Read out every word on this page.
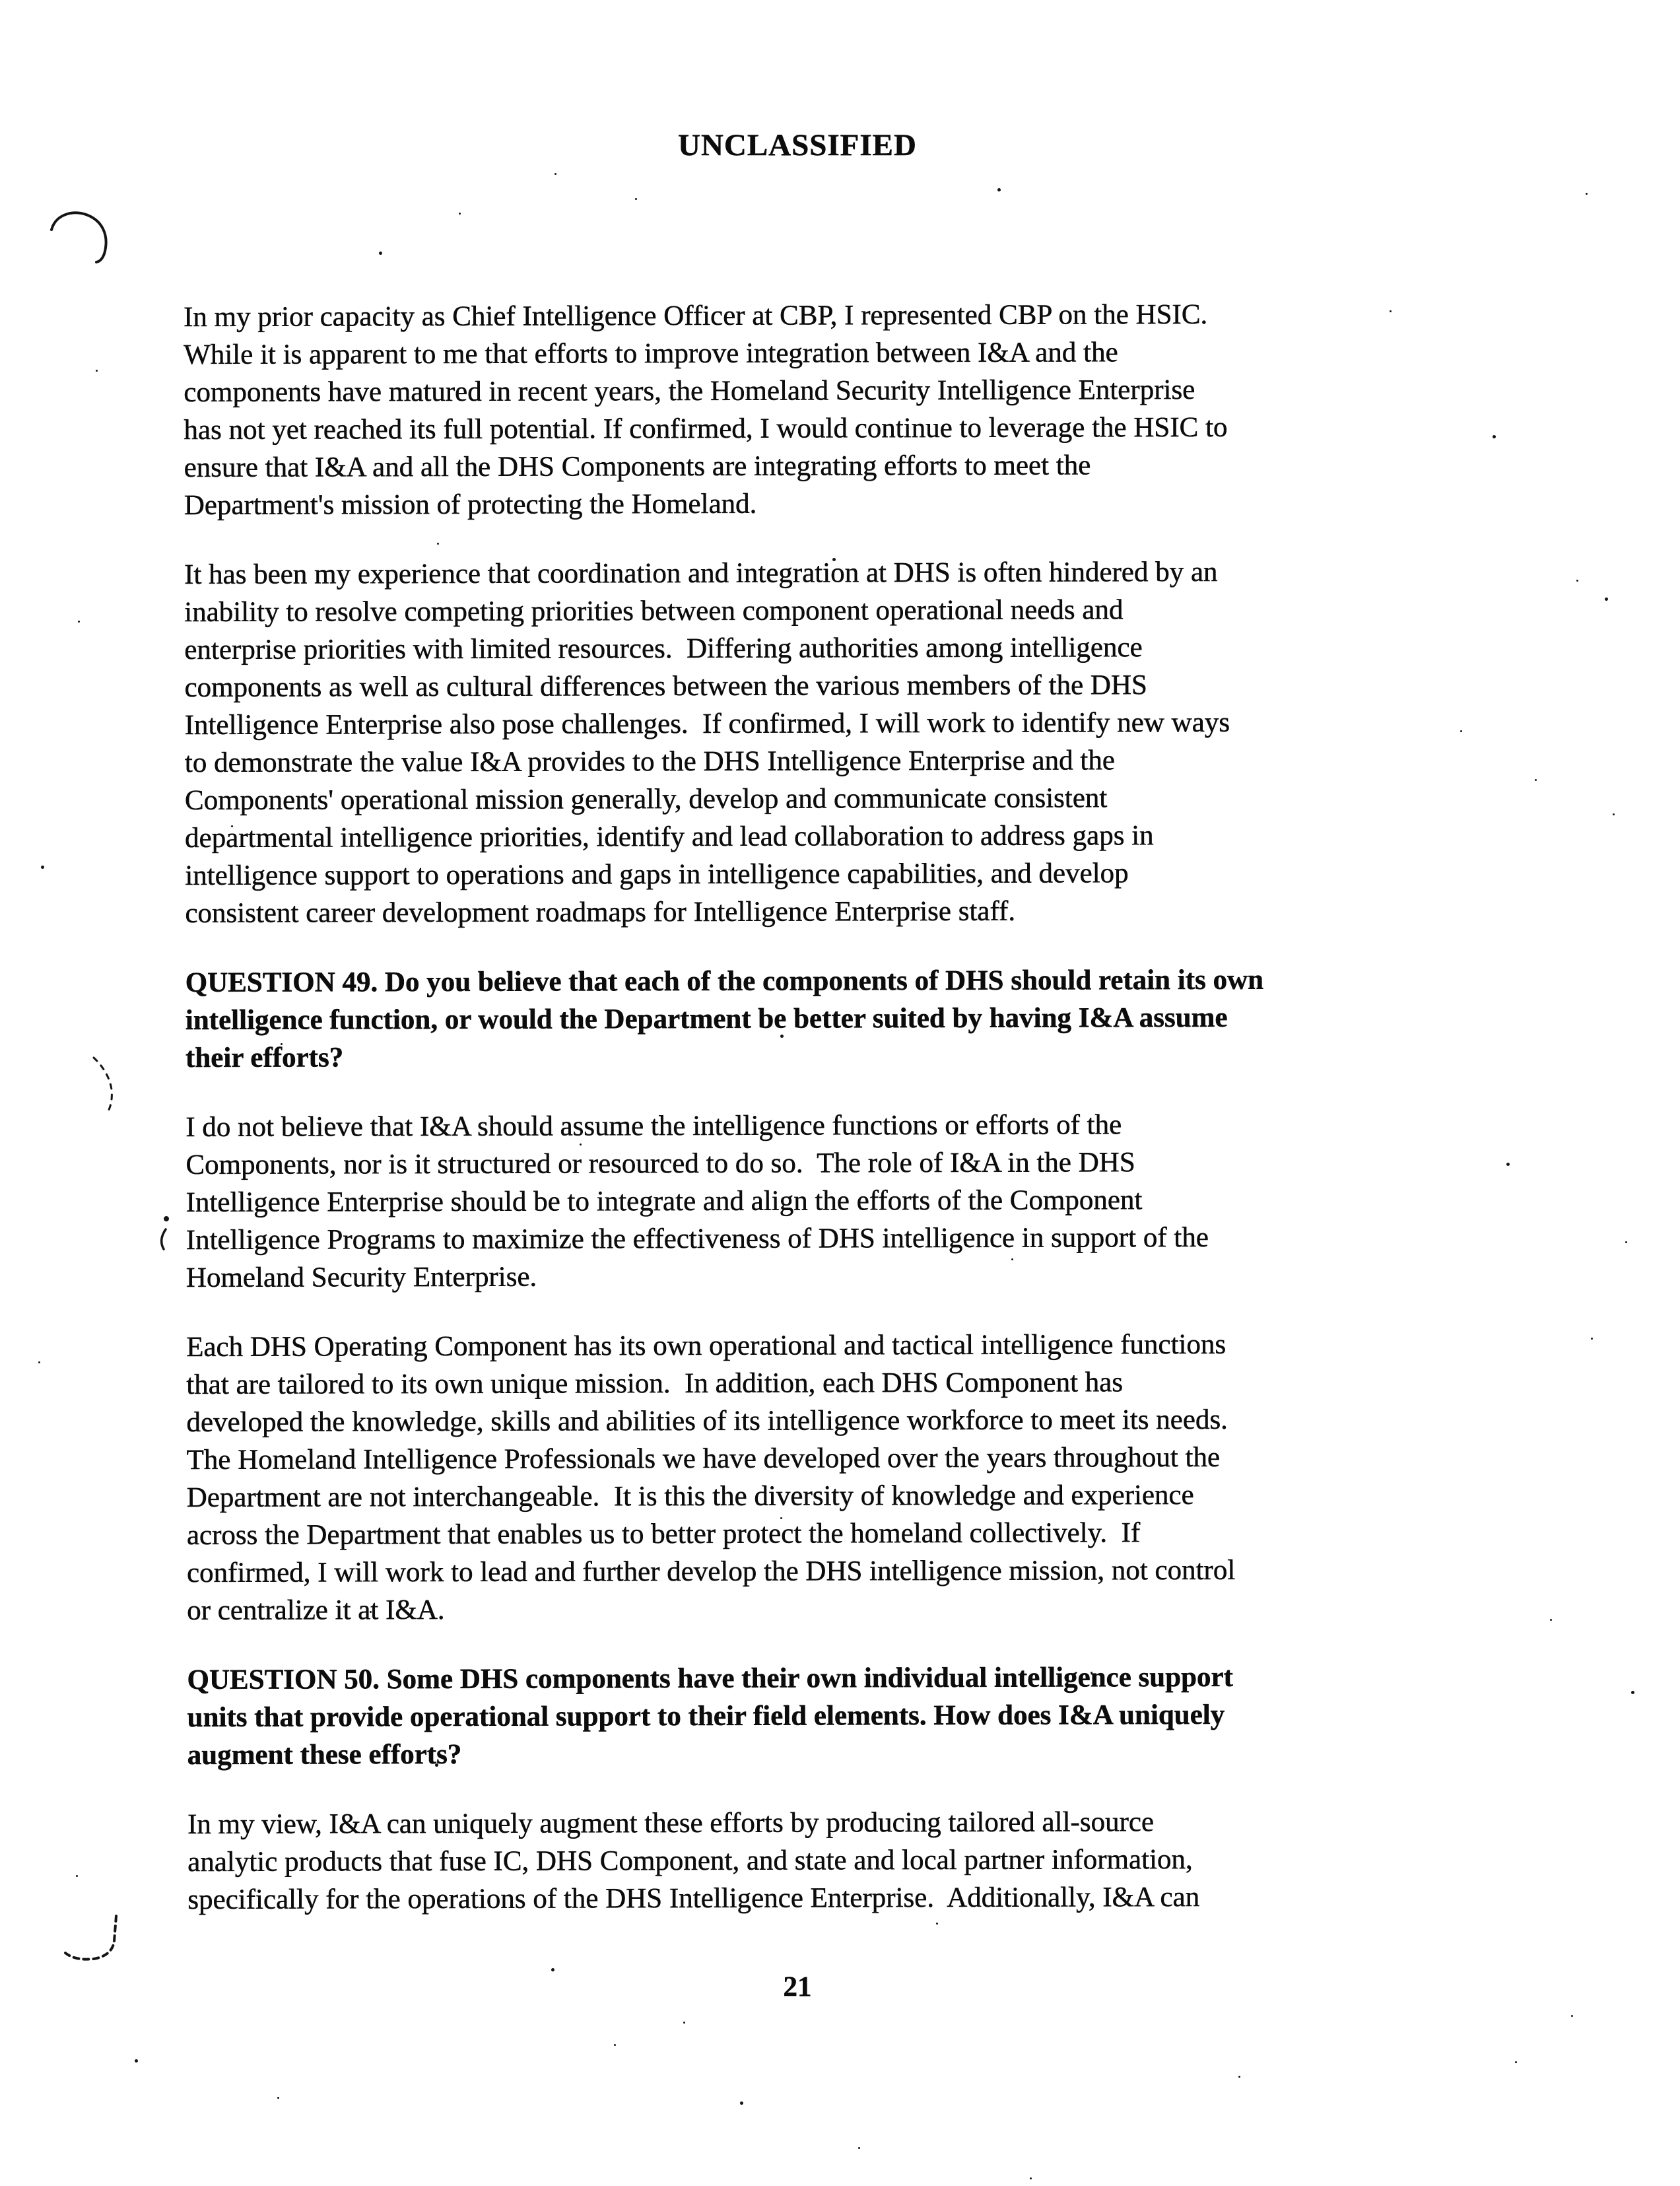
UNCLASSIFIED
In my prior capacity as Chief Intelligence Officer at CBP, I represented CBP on the HSIC.
While it is apparent to me that efforts to improve integration between I&A and the
components have matured in recent years, the Homeland Security Intelligence Enterprise
has not yet reached its full potential. If confirmed, I would continue to leverage the HSIC to
ensure that I&A and all the DHS Components are integrating efforts to meet the
Department's mission of protecting the Homeland.
It has been my experience that coordination and integration at DHS is often hindered by an
inability to resolve competing priorities between component operational needs and
enterprise priorities with limited resources.  Differing authorities among intelligence
components as well as cultural differences between the various members of the DHS
Intelligence Enterprise also pose challenges.  If confirmed, I will work to identify new ways
to demonstrate the value I&A provides to the DHS Intelligence Enterprise and the
Components' operational mission generally, develop and communicate consistent
departmental intelligence priorities, identify and lead collaboration to address gaps in
intelligence support to operations and gaps in intelligence capabilities, and develop
consistent career development roadmaps for Intelligence Enterprise staff.
QUESTION 49. Do you believe that each of the components of DHS should retain its own
intelligence function, or would the Department be better suited by having I&A assume
their efforts?
I do not believe that I&A should assume the intelligence functions or efforts of the
Components, nor is it structured or resourced to do so.  The role of I&A in the DHS
Intelligence Enterprise should be to integrate and align the efforts of the Component
Intelligence Programs to maximize the effectiveness of DHS intelligence in support of the
Homeland Security Enterprise.
Each DHS Operating Component has its own operational and tactical intelligence functions
that are tailored to its own unique mission.  In addition, each DHS Component has
developed the knowledge, skills and abilities of its intelligence workforce to meet its needs.
The Homeland Intelligence Professionals we have developed over the years throughout the
Department are not interchangeable.  It is this the diversity of knowledge and experience
across the Department that enables us to better protect the homeland collectively.  If
confirmed, I will work to lead and further develop the DHS intelligence mission, not control
or centralize it at I&A.
QUESTION 50. Some DHS components have their own individual intelligence support
units that provide operational support to their field elements. How does I&A uniquely
augment these efforts?
In my view, I&A can uniquely augment these efforts by producing tailored all-source
analytic products that fuse IC, DHS Component, and state and local partner information,
specifically for the operations of the DHS Intelligence Enterprise.  Additionally, I&A can
21
